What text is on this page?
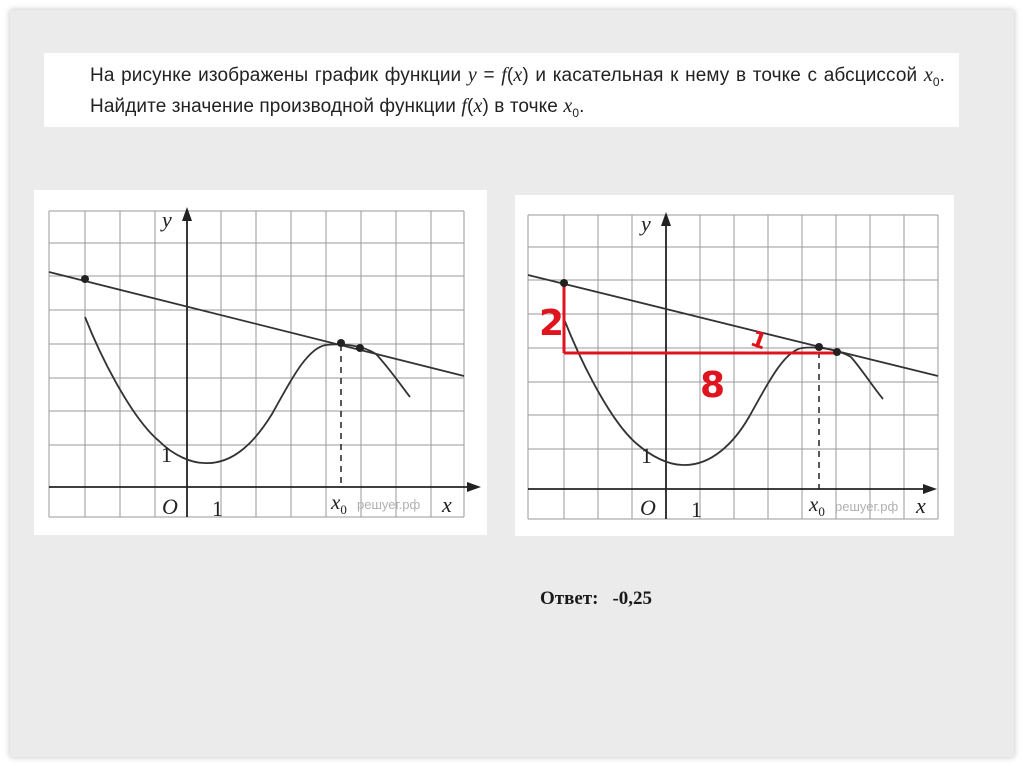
На рисунке изображены график функции y = f(x) и касательная к нему в точке с абсциссой $x_0$. Найдите значение производной функции f(x) в точке $x_0$.
y
x
O 1
1
$x_0$ решуег.рф
2
8
1
y
x
O 1
1
$x_0$ решуег.рф
Ответ: -0,25
